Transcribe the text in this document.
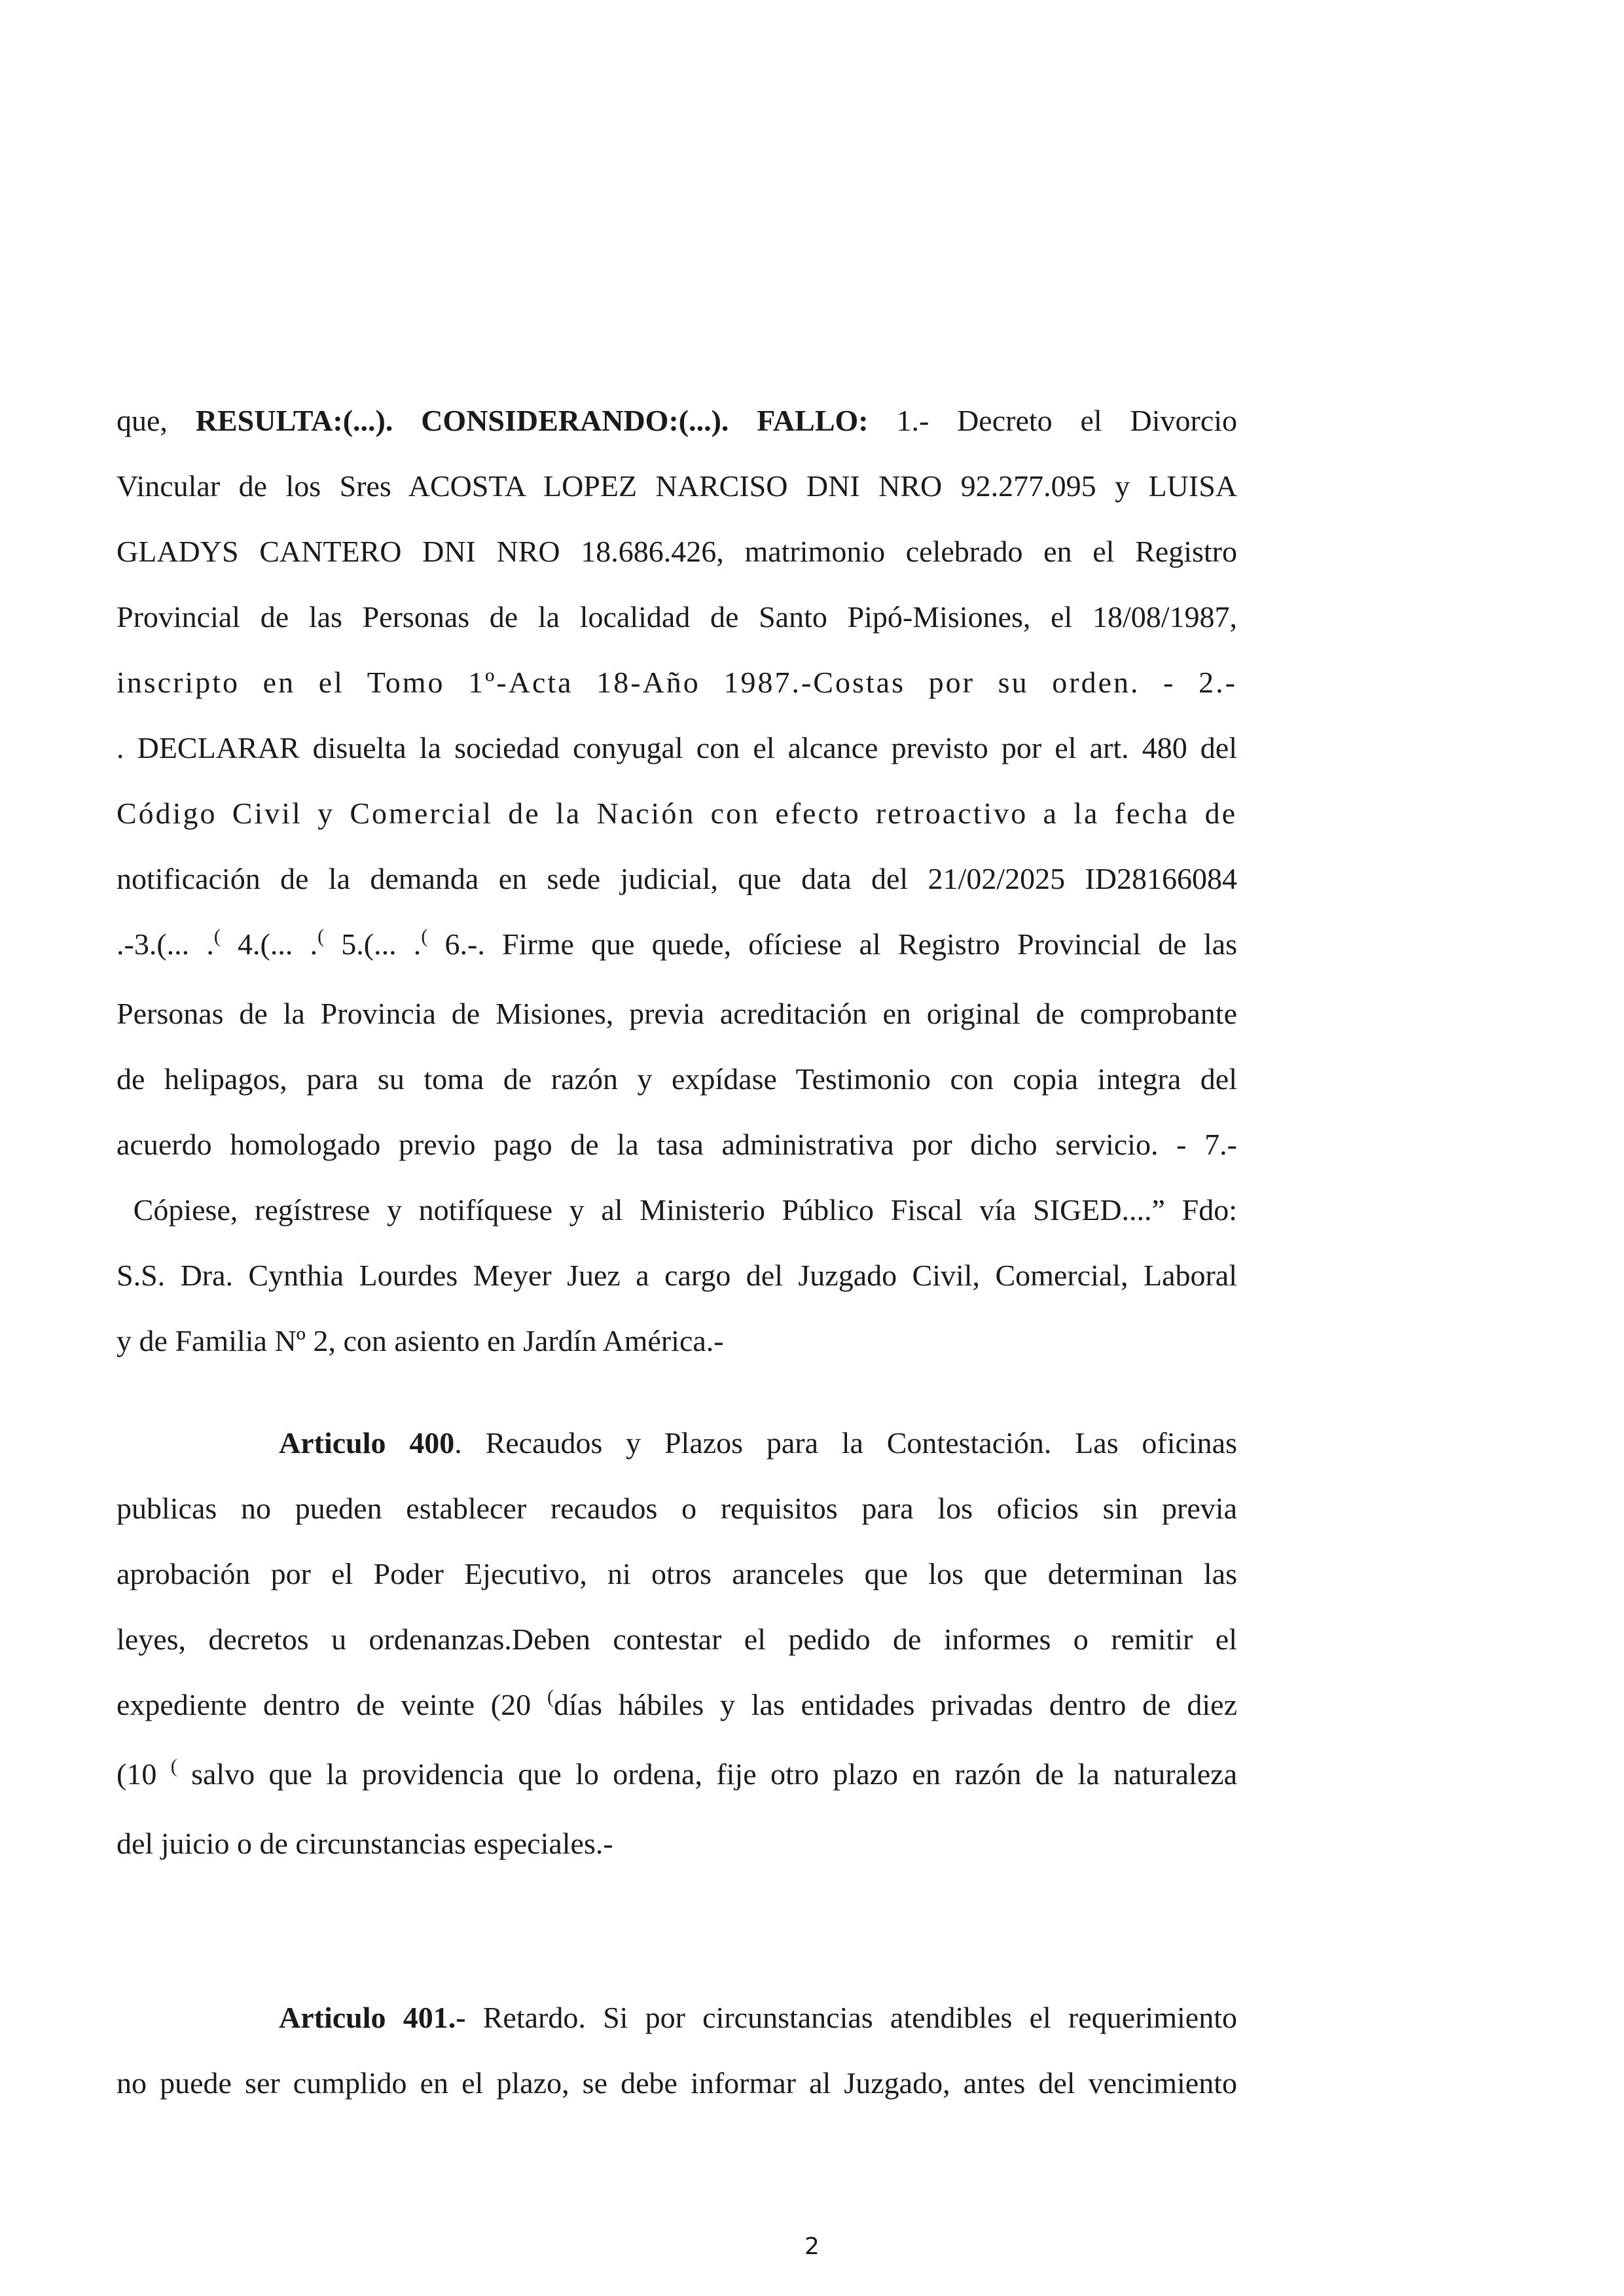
que, RESULTA:(...). CONSIDERANDO:(...). FALLO: 1.- Decreto el Divorcio
Vincular de los Sres ACOSTA LOPEZ NARCISO DNI NRO 92.277.095 y LUISA
GLADYS CANTERO DNI NRO 18.686.426, matrimonio celebrado en el Registro
Provincial de las Personas de la localidad de Santo Pipó-Misiones, el 18/08/1987,
inscripto en el Tomo 1º-Acta 18-Año 1987.-Costas por su orden. - 2.-
. DECLARAR disuelta la sociedad conyugal con el alcance previsto por el art. 480 del
Código Civil y Comercial de la Nación con efecto retroactivo a la fecha de
notificación de la demanda en sede judicial, que data del 21/02/2025 ID28166084
.-3.(... .( 4.(... .( 5.(... .( 6.-. Firme que quede, ofíciese al Registro Provincial de las
Personas de la Provincia de Misiones, previa acreditación en original de comprobante
de helipagos, para su toma de razón y expídase Testimonio con copia integra del
acuerdo homologado previo pago de la tasa administrativa por dicho servicio. - 7.-
Cópiese, regístrese y notifíquese y al Ministerio Público Fiscal vía SIGED....” Fdo:
S.S. Dra. Cynthia Lourdes Meyer Juez a cargo del Juzgado Civil, Comercial, Laboral
y de Familia Nº 2, con asiento en Jardín América.-
Articulo 400. Recaudos y Plazos para la Contestación. Las oficinas
publicas no pueden establecer recaudos o requisitos para los oficios sin previa
aprobación por el Poder Ejecutivo, ni otros aranceles que los que determinan las
leyes, decretos u ordenanzas.Deben contestar el pedido de informes o remitir el
expediente dentro de veinte (20 (días hábiles y las entidades privadas dentro de diez
(10 ( salvo que la providencia que lo ordena, fije otro plazo en razón de la naturaleza
del juicio o de circunstancias especiales.-
Articulo 401.- Retardo. Si por circunstancias atendibles el requerimiento
no puede ser cumplido en el plazo, se debe informar al Juzgado, antes del vencimiento
2
